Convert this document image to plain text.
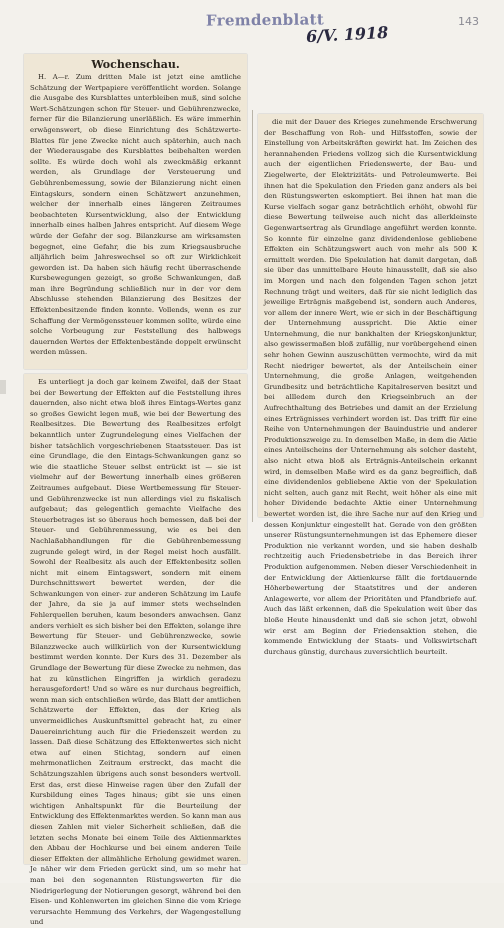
Fremdenblatt
6/V. 1918
143
Wochenschau.

H. A—r. Zum dritten Male ist jetzt eine amtliche Schätzung der Wertpapiere veröffentlicht worden. Solange die Ausgabe des Kursblattes unterbleiben muß, sind solche Wert-Schätzungen schon für Steuer- und Gebührenzwecke, ferner für die Bilanzierung unerläßlich. Es wäre immerhin erwägenswert, ob diese Einrichtung des Schätzwerte-Blattes für jene Zwecke nicht auch späterhin, auch nach der Wiederausgabe des Kursblattes beibehalten werden sollte. Es würde doch wohl als zweckmäßig erkannt werden, als Grundlage der Versteuerung und Gebührenbemessung, sowie der Bilanzierung nicht einen Eintagskurs, sondern einen Schätzwert anzunehmen, welcher der innerhalb eines längeren Zeitraumes beobachteten Kursentwicklung, also der Entwicklung innerhalb eines halben Jahres entspricht. Auf diesem Wege würde der Gefahr der sog. Bilanzkurse am wirksamsten begegnet, eine Gefahr, die bis zum Kriegsausbruche alljährlich beim Jahreswechsel so oft zur Wirklichkeit geworden ist. Da haben sich häufig recht überraschende Kursbewegungen gezeigt, so große Schwankungen, daß man ihre Begründung schließlich nur in der vor dem Abschlusse stehenden Bilanzierung des Besitzes der Effektenbesitzende finden konnte. Vollends, wenn es zur Schaffung der Vermögenssteuer kommen sollte, würde eine solche Vorbeugung zur Feststellung des halbwegs dauernden Wertes der Effektenbestände doppelt erwünscht werden müssen.

Es unterliegt ja doch gar keinem Zweifel, daß der Staat bei der Bewertung der Effekten auf die Feststellung ihres dauernden, also nicht etwa bloß ihres Eintags-Wertes ganz so großes Gewicht legen muß, wie bei der Bewertung des Realbesitzes. Die Bewertung des Realbesitzes erfolgt bekanntlich unter Zugrundelegung eines Vielfachen der bisher tatsächlich vorgeschriebenen Staatssteuer. Das ist eine Grundlage, die den Eintags-Schwankungen ganz so wie die staatliche Steuer selbst entrückt ist — sie ist vielmehr auf der Bewertung innerhalb eines größeren Zeitraumes aufgebaut. Diese Wertbemessung für Steuer- und Gebührenzwecke ist nun allerdings viel zu fiskalisch aufgebaut; das gelegentlich gemachte Vielfache des Steuerbetrages ist so überaus hoch bemessen, daß bei der Steuer- und Gebührenmessung, wie es bei den Nachlaßabhandlungen für die Gebührenbemessung zugrunde gelegt wird, in der Regel meist hoch ausfällt. Sowohl der Realbesitz als auch der Effektenbesitz sollen nicht mit einem Eintagswert, sondern mit einem Durchschnittswert bewertet werden, der die Schwankungen von einer- zur anderen Schätzung im Laufe der Jahre, da sie ja auf immer stets wechselnden Fehlerquellen beruhen, kaum besonders anwachsen. Ganz anders verhielt es sich bisher bei den Effekten, solange ihre Bewertung für Steuer- und Gebührenzwecke, sowie Bilanzzwecke auch willkürlich von der Kursentwicklung bestimmt werden konnte. Der Kurs des 31. Dezember als Grundlage der Bewertung für diese Zwecke zu nehmen, das hat zu künstlichen Eingriffen ja wirklich geradezu herausgefordert! Und so wäre es nur durchaus begreiflich, wenn man sich entschließen würde, das Blatt der amtlichen Schätzwerte der Effekten, das der Krieg als unvermeidliches Auskunftsmittel gebracht hat, zu einer Dauereinrichtung auch für die Friedenszeit werden zu lassen. Daß diese Schätzung des Effektenwertes sich nicht etwa auf einen Stichtag, sondern auf einen mehrmonatlichen Zeitraum erstreckt, das macht die Schätzungszahlen übrigens auch sonst besonders wertvoll. Erst das, erst diese Hinweise ragen über den Zufall der Kursbildung eines Tages hinaus; gibt sie uns einen wichtigen Anhaltspunkt für die Beurteilung der Entwicklung des Effektenmarktes werden. So kann man aus diesen Zahlen mit vieler Sicherheit schließen, daß die letzten sechs Monate bei einem Teile des Aktienmarktes den Abbau der Hochkurse und bei einem anderen Teile dieser Effekten der allmähliche Erholung gewidmet waren. Je näher wir dem Frieden gerückt sind, um so mehr hat man bei den sogenannten Rüstungswerten für die Niedrigerlegung der Notierungen gesorgt, während bei den Eisen- und Kohlenwerten im gleichen Sinne die vom Kriege verursachte Hemmung des Verkehrs, der Wagengestellung und

die mit der Dauer des Krieges zunehmende Erschwerung der Beschaffung von Roh- und Hilfsstoffen, sowie der Einstellung von Arbeitskräften gewirkt hat. Im Zeichen des herannahenden Friedens vollzog sich die Kursentwicklung auch der eigentlichen Friedenswerte, der Bau- und Ziegelwerte, der Elektrizitäts- und Petroleumwerte. Bei ihnen hat die Spekulation den Frieden ganz anders als bei den Rüstungswerten eskomptiert. Bei ihnen hat man die Kurse vielfach sogar ganz beträchtlich erhöht, obwohl für diese Bewertung teilweise auch nicht das allerkleinste Gegenwartsertrag als Grundlage angeführt werden konnte. So konnte für einzelne ganz dividendenlose gebliebene Effekten ein Schätzungswert auch von mehr als 500 K ermittelt werden. Die Spekulation hat damit dargetan, daß sie über das unmittelbare Heute hinausstellt, daß sie also im Morgen und nach den folgenden Tagen schon jetzt Rechnung trägt und weiters, daß für sie nicht lediglich das jeweilige Erträgnis maßgebend ist, sondern auch Anderes, vor allem der innere Wert, wie er sich in der Beschäftigung der Unternehmung ausspricht. Die Aktie einer Unternehmung, die nur bankhalten der Kriegskonjunktur, also gewissermaßen bloß zufällig, nur vorübergehend einen sehr hohen Gewinn auszuschütten vermochte, wird da mit Recht niedriger bewertet, als der Anteilschein einer Unternehmung, die große Anlagen, weitgehenden Grundbesitz und beträchtliche Kapitalreserven besitzt und bei allledem durch den Kriegseinbruch an der Aufrechthaltung des Betriebes und damit an der Erzielung eines Erträgnisses verhindert worden ist. Das trifft für eine Reihe von Unternehmungen der Bauindustrie und anderer Produktionszweige zu. In demselben Maße, in dem die Aktie eines Anteilscheins der Unternehmung als solcher dasteht, also nicht etwa bloß als Erträgnis-Anteilschein erkannt wird, in demselben Maße wird es da ganz begreiflich, daß eine dividendenlos gebliebene Aktie von der Spekulation nicht selten, auch ganz mit Recht, weit höher als eine mit hoher Dividende bedachte Aktie einer Unternehmung bewertet worden ist, die ihre Sache nur auf den Krieg und dessen Konjunktur eingestellt hat. Gerade von den größten unserer Rüstungsunternehmungen ist das Ephemere dieser Produktion nie verkannt worden, und sie haben deshalb rechtzeitig auch Friedensbetriebe in das Bereich ihrer Produktion aufgenommen. Neben dieser Verschiedenheit in der Entwicklung der Aktienkurse fällt die fortdauernde Höherbewertung der Staatstitres und der anderen Anlagewerte, vor allem der Prioritäten und Pfandbriefe auf. Auch das läßt erkennen, daß die Spekulation weit über das bloße Heute hinausdenkt und daß sie schon jetzt, obwohl wir erst am Beginn der Friedensaktion stehen, die kommende Entwicklung der Staats- und Volkswirtschaft durchaus günstig, durchaus zuversichtlich beurteilt.
